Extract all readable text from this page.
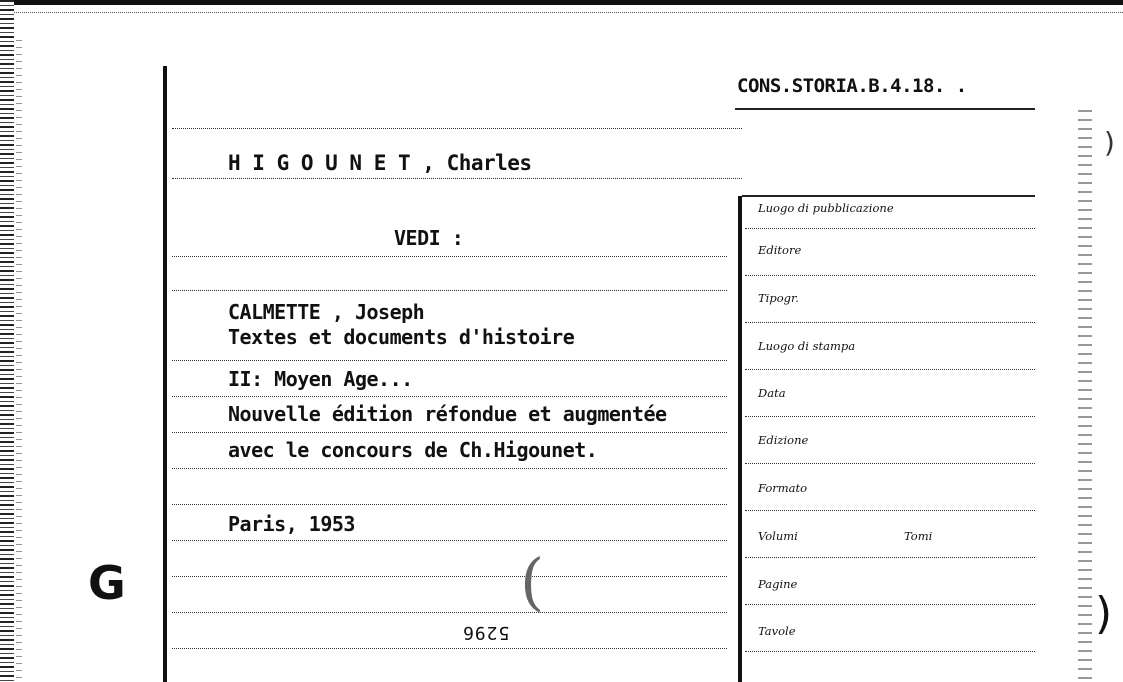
CONS.STORIA.B.4.18. .
H I G O U N E T , Charles
VEDI :
CALMETTE , Joseph
Textes et documents d'histoire
II: Moyen Age...
Nouvelle édition réfondue et augmentée
avec le concours de Ch.Higounet.
Paris, 1953
G
5296
(	)
)
Luogo di pubblicazione
Editore
Tipogr.
Luogo di stampa
Data
Edizione
Formato
Volumi	Tomi
Pagine
Tavole
